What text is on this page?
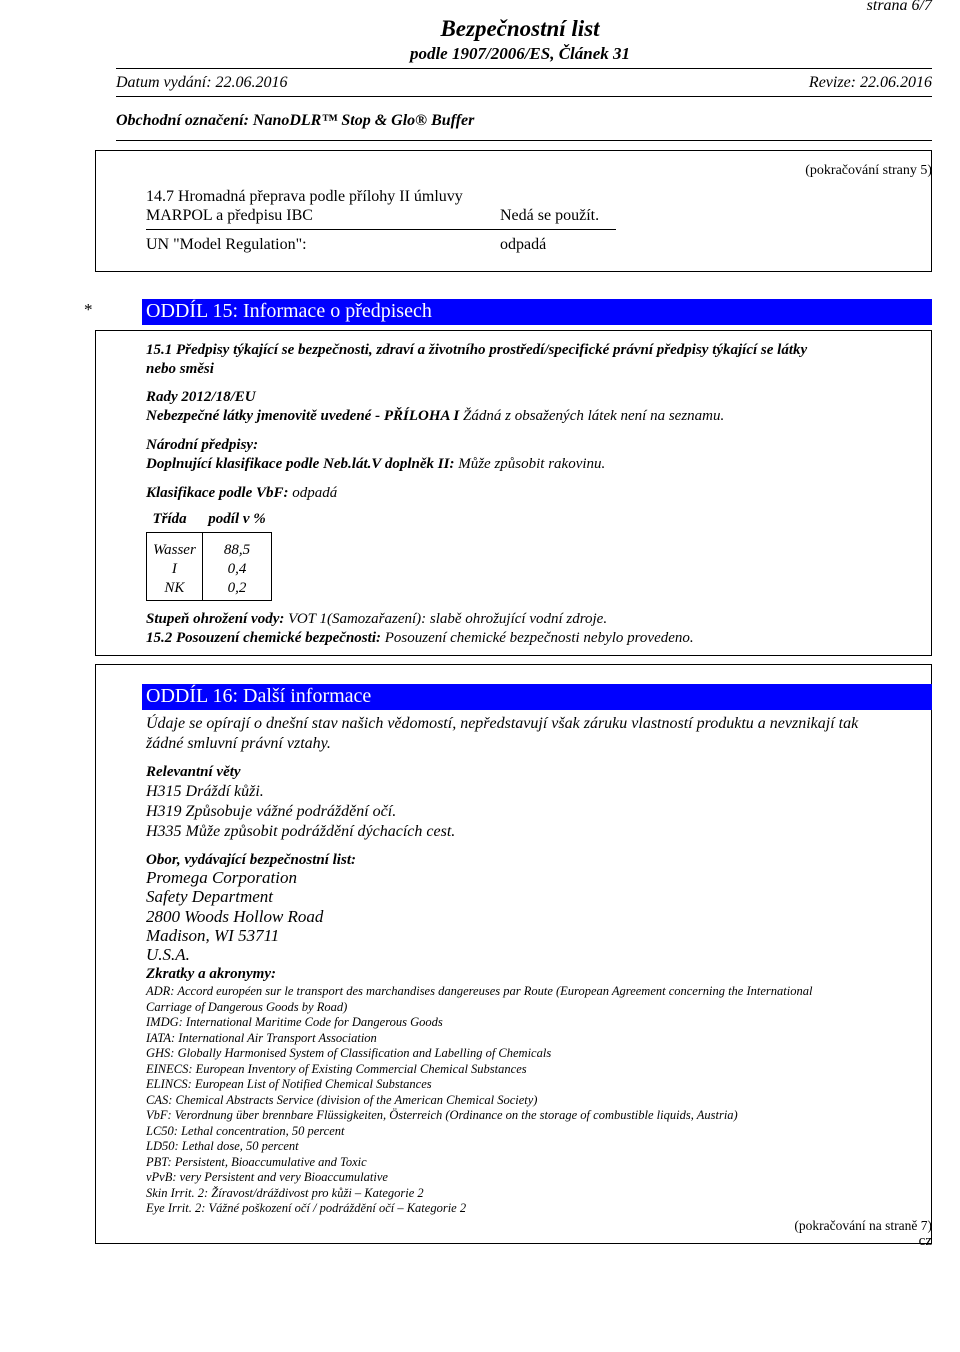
strana 6/7
Bezpečnostní list
podle 1907/2006/ES, Článek 31
Datum vydání: 22.06.2016	Revize: 22.06.2016
Obchodní označení: NanoDLR™ Stop & Glo® Buffer
(pokračování strany 5)
14.7 Hromadná přeprava podle přílohy II úmluvy
MARPOL a předpisu IBC	Nedá se použít.
UN "Model Regulation":	odpadá
*	ODDÍL 15: Informace o předpisech
15.1 Předpisy týkající se bezpečnosti, zdraví a životního prostředí/specifické právní předpisy týkající se látky
nebo směsi
Rady 2012/18/EU
Nebezpečné látky jmenovitě uvedené - PŘÍLOHA I Žádná z obsažených látek není na seznamu.
Národní předpisy:
Doplnující klasifikace podle Neb.lát.V doplněk II: Může způsobit rakovinu.
Klasifikace podle VbF: odpadá
Třída	podíl v %
Wasser	88,5
I	0,4
NK	0,2
Stupeň ohrožení vody: VOT 1(Samozařazení): slabě ohrožující vodní zdroje.
15.2 Posouzení chemické bezpečnosti: Posouzení chemické bezpečnosti nebylo provedeno.
ODDÍL 16: Další informace
Údaje se opírají o dnešní stav našich vědomostí, nepředstavují však záruku vlastností produktu a nevznikají tak
žádné smluvní právní vztahy.
Relevantní věty
H315 Dráždí kůži.
H319 Způsobuje vážné podráždění očí.
H335 Může způsobit podráždění dýchacích cest.
Obor, vydávající bezpečnostní list:
Promega Corporation
Safety Department
2800 Woods Hollow Road
Madison, WI 53711
U.S.A.
Zkratky a akronymy:
ADR: Accord européen sur le transport des marchandises dangereuses par Route (European Agreement concerning the International
Carriage of Dangerous Goods by Road)
IMDG: International Maritime Code for Dangerous Goods
IATA: International Air Transport Association
GHS: Globally Harmonised System of Classification and Labelling of Chemicals
EINECS: European Inventory of Existing Commercial Chemical Substances
ELINCS: European List of Notified Chemical Substances
CAS: Chemical Abstracts Service (division of the American Chemical Society)
VbF: Verordnung über brennbare Flüssigkeiten, Österreich (Ordinance on the storage of combustible liquids, Austria)
LC50: Lethal concentration, 50 percent
LD50: Lethal dose, 50 percent
PBT: Persistent, Bioaccumulative and Toxic
vPvB: very Persistent and very Bioaccumulative
Skin Irrit. 2: Žíravost/dráždivost pro kůži – Kategorie 2
Eye Irrit. 2: Vážné poškození očí / podráždění očí – Kategorie 2
(pokračování na straně 7)
cz
